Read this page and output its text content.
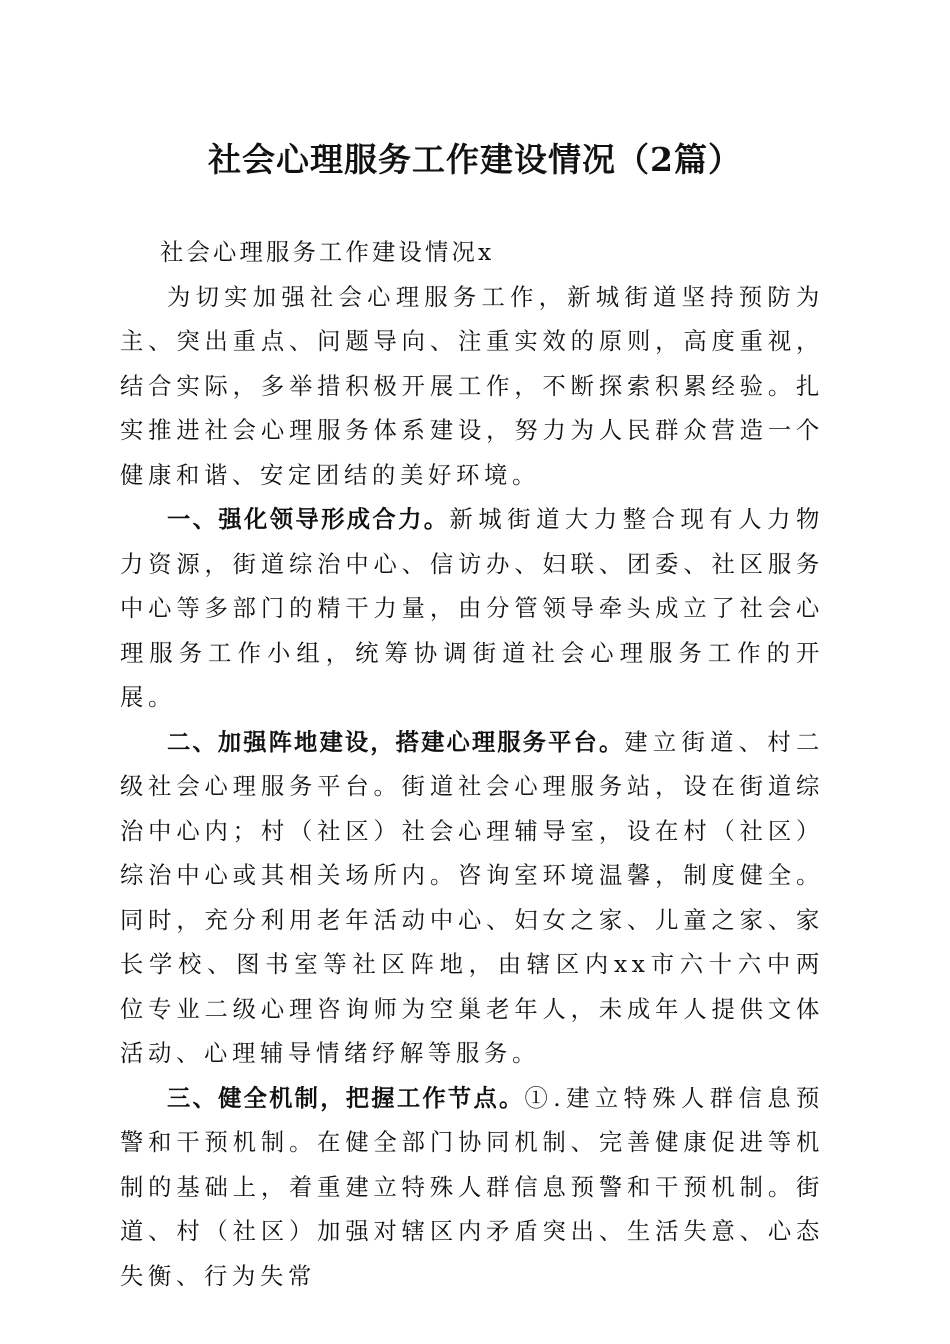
社会心理服务工作建设情况（2篇）

社会心理服务工作建设情况x

为切实加强社会心理服务工作，新城街道坚持预防为主、突出重点、问题导向、注重实效的原则，高度重视，结合实际，多举措积极开展工作，不断探索积累经验。扎实推进社会心理服务体系建设，努力为人民群众营造一个健康和谐、安定团结的美好环境。

一、强化领导形成合力。新城街道大力整合现有人力物力资源，街道综治中心、信访办、妇联、团委、社区服务中心等多部门的精干力量，由分管领导牵头成立了社会心理服务工作小组，统筹协调街道社会心理服务工作的开展。

二、加强阵地建设，搭建心理服务平台。建立街道、村二级社会心理服务平台。街道社会心理服务站，设在街道综治中心内；村（社区）社会心理辅导室，设在村（社区）综治中心或其相关场所内。咨询室环境温馨，制度健全。同时，充分利用老年活动中心、妇女之家、儿童之家、家长学校、图书室等社区阵地，由辖区内xx市六十六中两位专业二级心理咨询师为空巢老年人，未成年人提供文体活动、心理辅导情绪纾解等服务。

三、健全机制，把握工作节点。①.建立特殊人群信息预警和干预机制。在健全部门协同机制、完善健康促进等机制的基础上，着重建立特殊人群信息预警和干预机制。街道、村（社区）加强对辖区内矛盾突出、生活失意、心态失衡、行为失常
